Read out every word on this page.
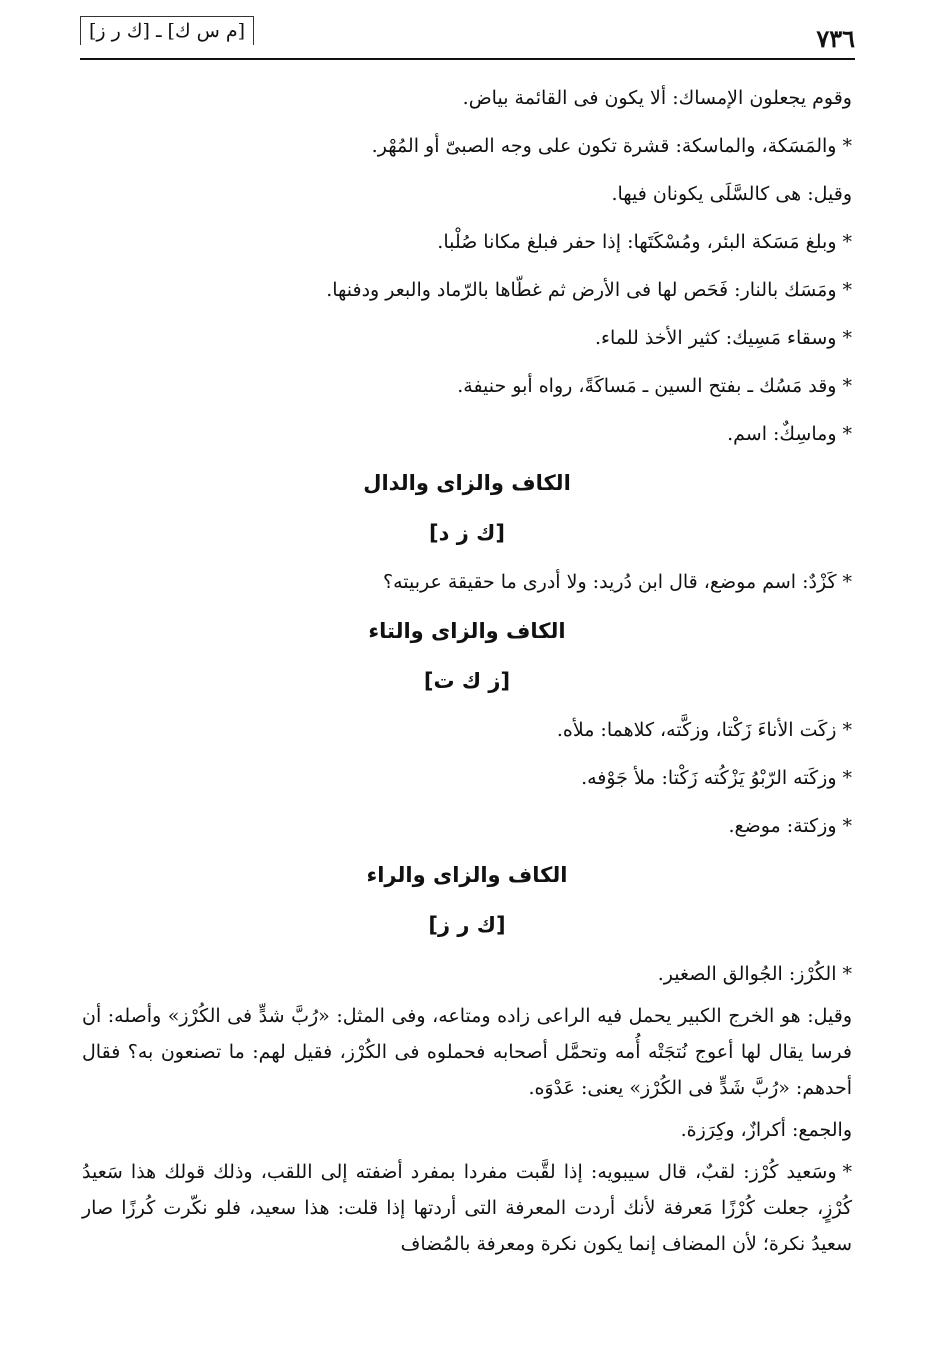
٧٣٦
[م س ك] ـ [ك ر ز]
وقوم يجعلون الإمساك: ألا يكون فى القائمة بياض.
*والمَسَكة، والماسكة: قشرة تكون على وجه الصبىّ أو المُهْر.
وقيل: هى كالسَّلَى يكونان فيها.
*وبلغ مَسَكة البئر، ومُسْكَتَها: إذا حفر فبلغ مكانا صُلْبا.
*ومَسَك بالنار: فَحَص لها فى الأرض ثم غطّاها بالرّماد والبعر ودفنها.
*وسقاء مَسِيك: كثير الأخذ للماء.
*وقد مَسُك ـ بفتح السين ـ مَساكَةً، رواه أبو حنيفة.
*وماسِكٌ: اسم.
الكاف والزاى والدال
[ك ز د]
*كَزْدٌ: اسم موضع، قال ابن دُريد: ولا أدرى ما حقيقة عربيته؟
الكاف والزاى والتاء
[ز ك ت]
*زكَت الأناءَ زَكْتا، وزكَّته، كلاهما: ملأه.
*وزكَته الرّبْوُ يَزْكُته زَكْتا: ملأ جَوْفه.
*وزكتة: موضع.
الكاف والزاى والراء
[ك ر ز]
*الكُرْز: الجُوالق الصغير.
وقيل: هو الخرج الكبير يحمل فيه الراعى زاده ومتاعه، وفى المثل: «رُبَّ شدٍّ فى الكُرْز» وأصله: أن فرسا يقال لها أعوج نُتجَتْه أُمه وتحمَّل أصحابه فحملوه فى الكُرْز، فقيل لهم: ما تصنعون به؟ فقال أحدهم: «رُبَّ شَدٍّ فى الكُرْز» يعنى: عَدْوَه.
والجمع: أكرازٌ، وكِرَزة.
*وسَعيد كُرْز: لقبٌ، قال سيبويه: إذا لقَّبت مفردا بمفرد أضفته إلى اللقب، وذلك قولك هذا سَعيدُ كُرْزٍ، جعلت كُرْزًا مَعرفة لأنك أردت المعرفة التى أردتها إذا قلت: هذا سعيد، فلو نكّرت كُرزًا صار سعيدُ نكرة؛ لأن المضاف إنما يكون نكرة ومعرفة بالمُضاف
